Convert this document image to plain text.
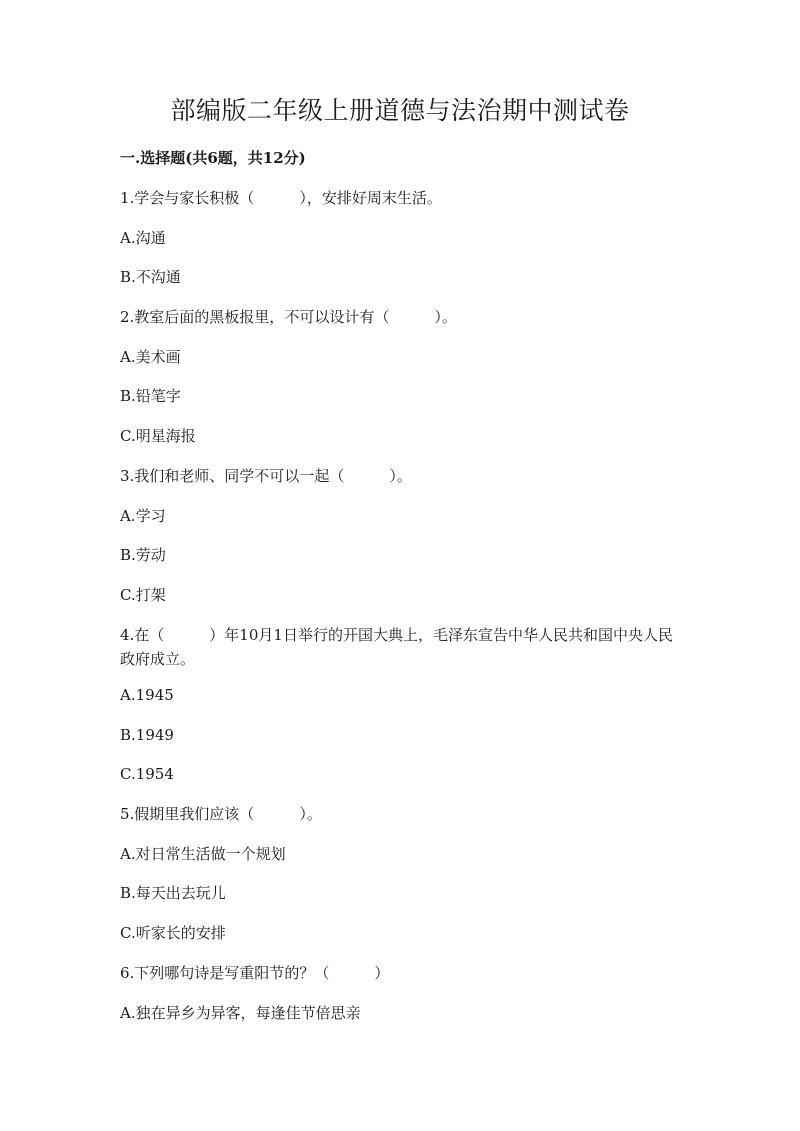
部编版二年级上册道德与法治期中测试卷
一.选择题(共6题，共12分)

1.学会与家长积极（　　　），安排好周末生活。

A.沟通

B.不沟通

2.教室后面的黑板报里，不可以设计有（　　　）。

A.美术画

B.铅笔字

C.明星海报

3.我们和老师、同学不可以一起（　　　）。

A.学习

B.劳动

C.打架

4.在（　　　）年10月1日举行的开国大典上，毛泽东宣告中华人民共和国中央人民政府成立。

A.1945

B.1949

C.1954

5.假期里我们应该（　　　）。

A.对日常生活做一个规划

B.每天出去玩儿

C.听家长的安排

6.下列哪句诗是写重阳节的？（　　　）

A.独在异乡为异客，每逢佳节倍思亲
